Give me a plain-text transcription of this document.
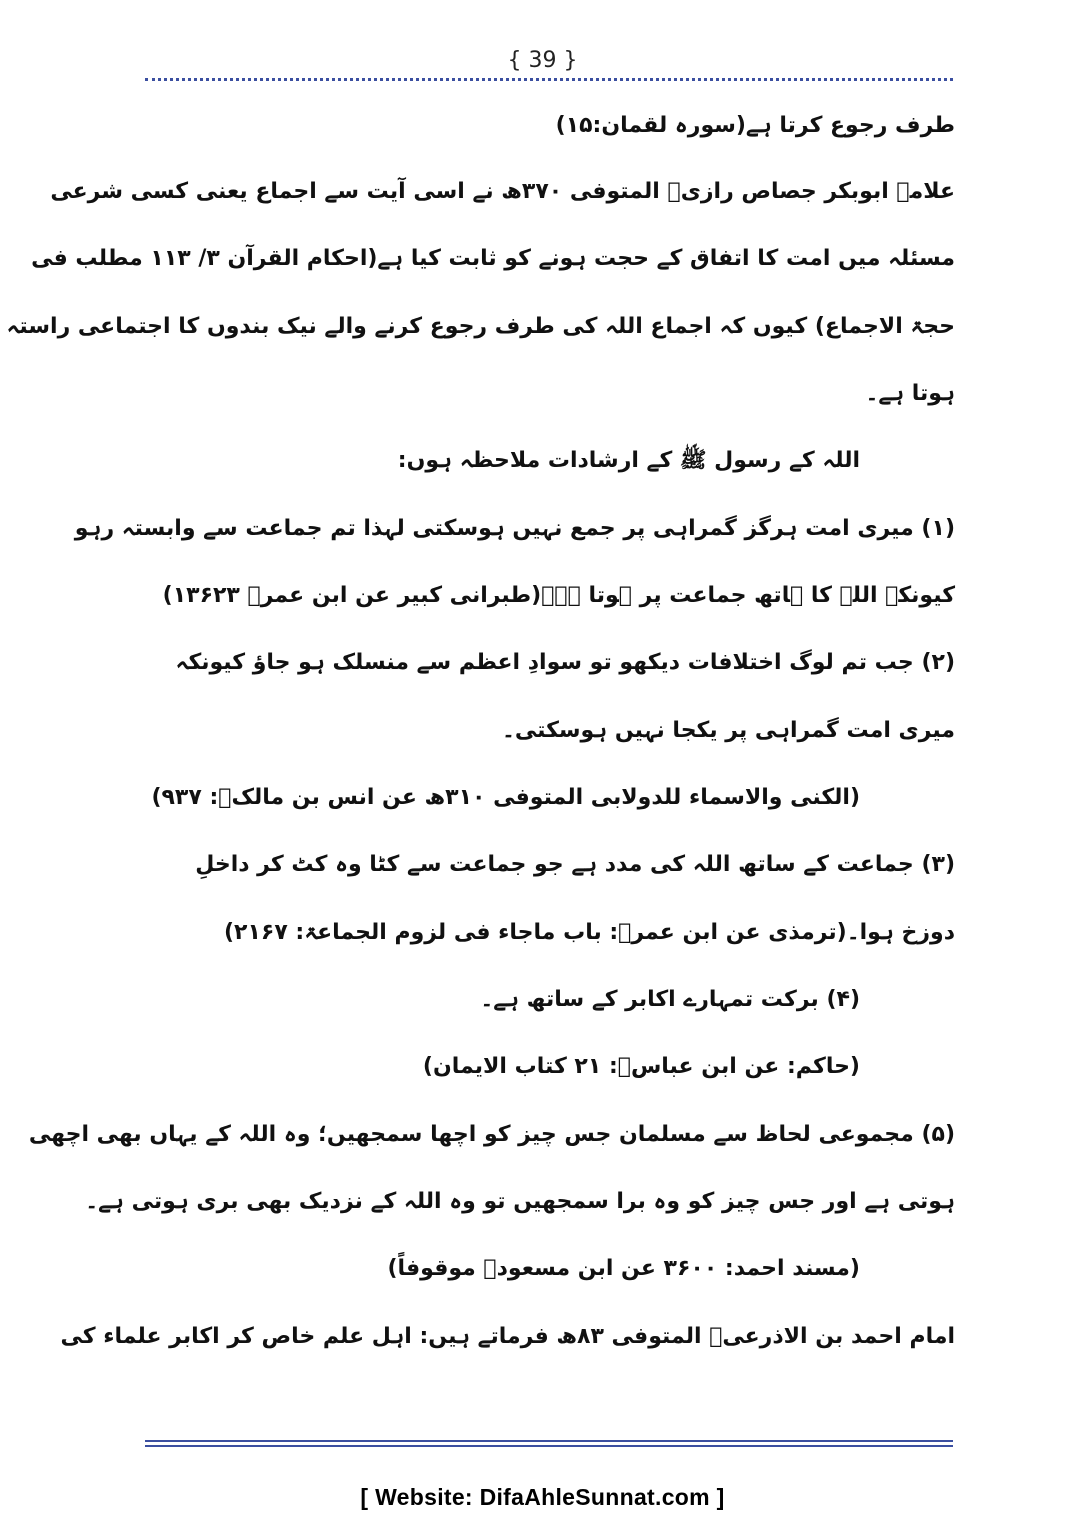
{ 39 }
طرف رجوع کرتا ہے(سورہ لقمان:۱۵)
علامہ ابوبکر جصاص رازیؒ المتوفی ۳۷۰ھ نے اسی آیت سے اجماع یعنی کسی شرعی
مسئلہ میں امت کا اتفاق کے حجت ہونے کو ثابت کیا ہے(احکام القرآن ۳/ ۱۱۳ مطلب فی
حجۃ الاجماع) کیوں کہ اجماع اللہ کی طرف رجوع کرنے والے نیک بندوں کا اجتماعی راستہ
ہوتا ہے۔
اللہ کے رسول ﷺ کے ارشادات ملاحظہ ہوں:
(۱) میری امت ہرگز گمراہی پر جمع نہیں ہوسکتی لہذا تم جماعت سے وابستہ رہو
کیونکہ اللہ کا ہاتھ جماعت پر ہوتا ہے۔(طبرانی کبیر عن ابن عمرؓ ۱۳۶۲۳)
(۲) جب تم لوگ اختلافات دیکھو تو سوادِ اعظم سے منسلک ہو جاؤ کیونکہ
میری امت گمراہی پر یکجا نہیں ہوسکتی۔
(الکنی والاسماء للدولابی المتوفی ۳۱۰ھ عن انس بن مالکؓ: ۹۳۷)
(۳) جماعت کے ساتھ اللہ کی مدد ہے جو جماعت سے کٹا وہ کٹ کر داخلِ
دوزخ ہوا۔(ترمذی عن ابن عمرؓ: باب ماجاء فی لزوم الجماعۃ: ۲۱۶۷)
(۴) برکت تمہارے اکابر کے ساتھ ہے۔
(حاکم: عن ابن عباسؓ: ۲۱ کتاب الایمان)
(۵) مجموعی لحاظ سے مسلمان جس چیز کو اچھا سمجھیں؛ وہ اللہ کے یہاں بھی اچھی
ہوتی ہے اور جس چیز کو وہ برا سمجھیں تو وہ اللہ کے نزدیک بھی بری ہوتی ہے۔
(مسند احمد: ۳۶۰۰ عن ابن مسعودؓ موقوفاً)
امام احمد بن الاذرعیؒ المتوفی ۸۳ھ فرماتے ہیں: اہل علم خاص کر اکابر علماء کی
[ Website: DifaAhleSunnat.com ]
